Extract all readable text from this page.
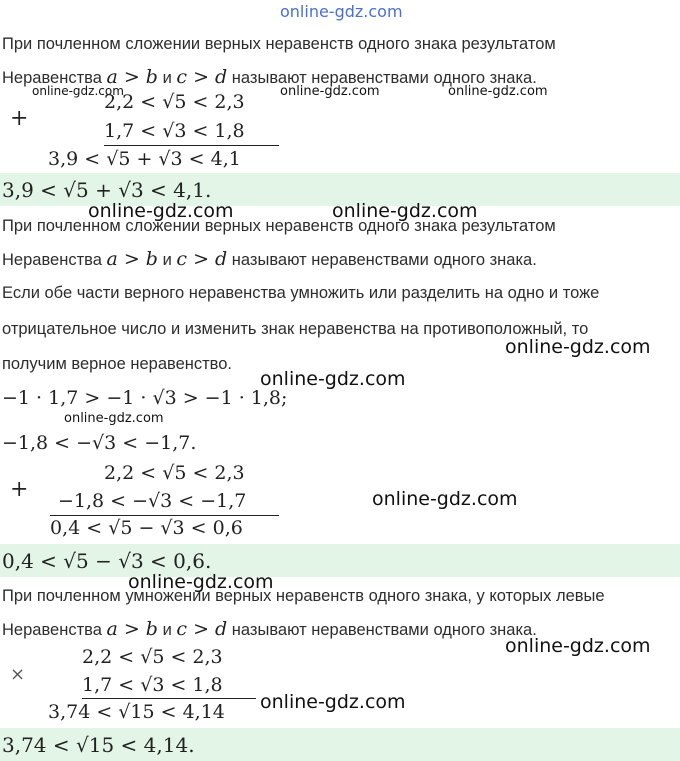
online-gdz.com
При почленном сложении верных неравенств одного знака результатом
Неравенства a > b и c > d называют неравенствами одного знака.
online-gdz.com	online-gdz.com	online-gdz.com
+
2,2 < √5 < 2,3
1,7 < √3 < 1,8
3,9 < √5 + √3 < 4,1
3,9 < √5 + √3 < 4,1.
online-gdz.com	online-gdz.com
При почленном сложении верных неравенств одного знака результатом
Неравенства a > b и c > d называют неравенствами одного знака.
Если обе части верного неравенства умножить или разделить на одно и тоже
отрицательное число и изменить знак неравенства на противоположный, то
online-gdz.com
получим верное неравенство.
online-gdz.com
−1 · 1,7 > −1 · √3 > −1 · 1,8;
online-gdz.com
−1,8 < −√3 < −1,7.
+
2,2 < √5 < 2,3
−1,8 < −√3 < −1,7	online-gdz.com
0,4 < √5 − √3 < 0,6
0,4 < √5 − √3 < 0,6.
online-gdz.com
При почленном умножении верных неравенств одного знака, у которых левые
Неравенства a > b и c > d называют неравенствами одного знака.
online-gdz.com
×
2,2 < √5 < 2,3
1,7 < √3 < 1,8
online-gdz.com
3,74 < √15 < 4,14
3,74 < √15 < 4,14.
